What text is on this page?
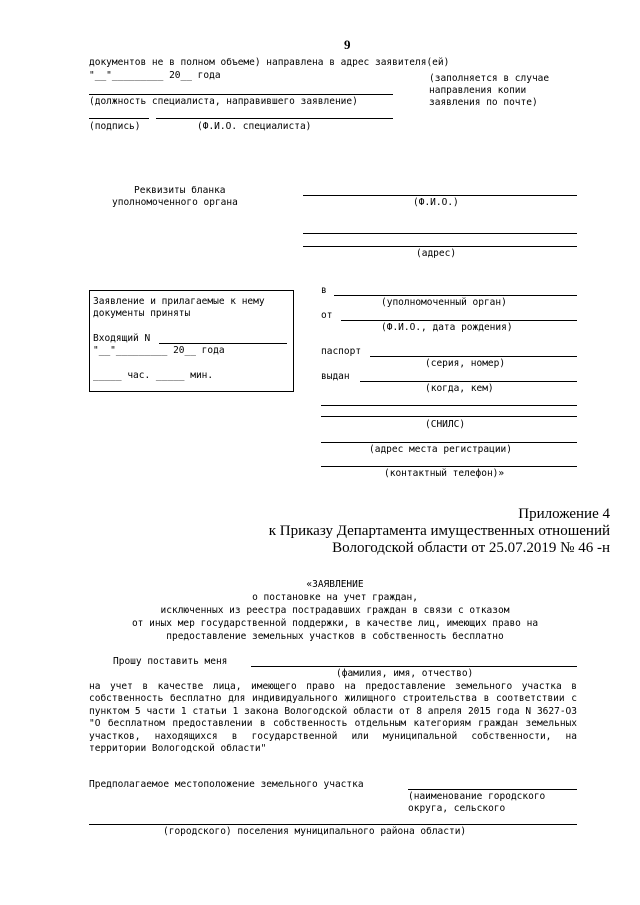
9
документов не в полном объеме) направлена в адрес заявителя(ей)
"__"_________ 20__ года	(заполняется в случае
направления копии
заявления по почте)
(должность специалиста, направившего заявление)
(подпись)	(Ф.И.О. специалиста)
Реквизиты бланка
уполномоченного органа	(Ф.И.О.)
(адрес)
Заявление и прилагаемые к нему
документы приняты
Входящий N
"__"_________ 20__ года
_____ час. _____ мин.
в
(уполномоченный орган)
от
(Ф.И.О., дата рождения)
паспорт
(серия, номер)
выдан
(когда, кем)
(СНИЛС)
(адрес места регистрации)
(контактный телефон)»
Приложение 4
к Приказу Департамента имущественных отношений
Вологодской области от 25.07.2019 № 46 -н
«ЗАЯВЛЕНИЕ
о постановке на учет граждан,
исключенных из реестра пострадавших граждан в связи с отказом
от иных мер государственной поддержки, в качестве лиц, имеющих право на
предоставление земельных участков в собственность бесплатно
Прошу поставить меня
(фамилия, имя, отчество)
на учет в качестве лица, имеющего право на предоставление земельного участка в собственность бесплатно для индивидуального жилищного строительства в соответствии с пунктом 5 части 1 статьи 1 закона Вологодской области от 8 апреля 2015 года N 3627-ОЗ "О бесплатном предоставлении в собственность отдельным категориям граждан земельных участков, находящихся в государственной или муниципальной собственности, на территории Вологодской области"
Предполагаемое местоположение земельного участка
(наименование городского
округа, сельского
(городского) поселения муниципального района области)
